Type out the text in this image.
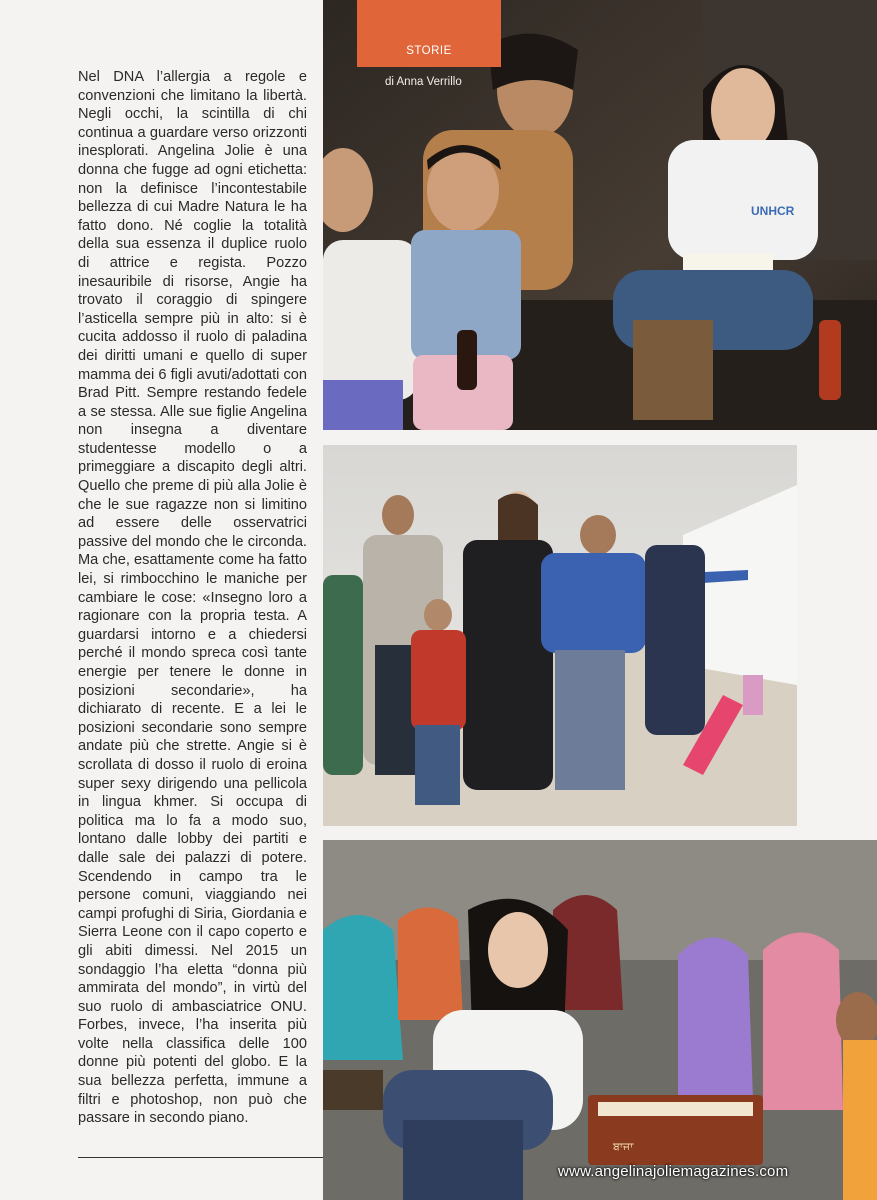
Nel DNA l’allergia a regole e convenzioni che limitano la libertà. Negli occhi, la scintilla di chi continua a guardare verso orizzonti inesplorati. Angelina Jolie è una donna che fugge ad ogni etichetta: non la definisce l’incontestabile bellezza di cui Madre Natura le ha fatto dono. Né coglie la totalità della sua essenza il duplice ruolo di attrice e regista. Pozzo inesauribile di risorse, Angie ha trovato il coraggio di spingere l’asticella sempre più in alto: si è cucita addosso il ruolo di paladina dei diritti umani e quello di super mamma dei 6 figli avuti/adottati con Brad Pitt. Sempre restando fedele a se stessa. Alle sue figlie Angelina non insegna a diventare studentesse modello o a primeggiare a discapito degli altri. Quello che preme di più alla Jolie è che le sue ragazze non si limitino ad essere delle osservatrici passive del mondo che le circonda. Ma che, esattamente come ha fatto lei, si rimbocchino le maniche per cambiare le cose: «Insegno loro a ragionare con la propria testa. A guardarsi intorno e a chiedersi perché il mondo spreca così tante energie per tenere le donne in posizioni secondarie», ha dichiarato di recente. E a lei le posizioni secondarie sono sempre andate più che strette. Angie si è scrollata di dosso il ruolo di eroina super sexy dirigendo una pellicola in lingua khmer. Si occupa di politica ma lo fa a modo suo, lontano dalle lobby dei partiti e dalle sale dei palazzi di potere. Scendendo in campo tra le persone comuni, viaggiando nei campi profughi di Siria, Giordania e Sierra Leone con il capo coperto e gli abiti dimessi. Nel 2015 un sondaggio l’ha eletta “donna più ammirata del mondo”, in virtù del suo ruolo di ambasciatrice ONU. Forbes, invece, l’ha inserita più volte nella classifica delle 100 donne più potenti del globo. E la sua bellezza perfetta, immune a filtri e photoshop, non può che passare in secondo piano.

UNHCR
STORIE
di Anna Verrillo
ਬਾਜਾ
www.angelinajoliemagazines.com
